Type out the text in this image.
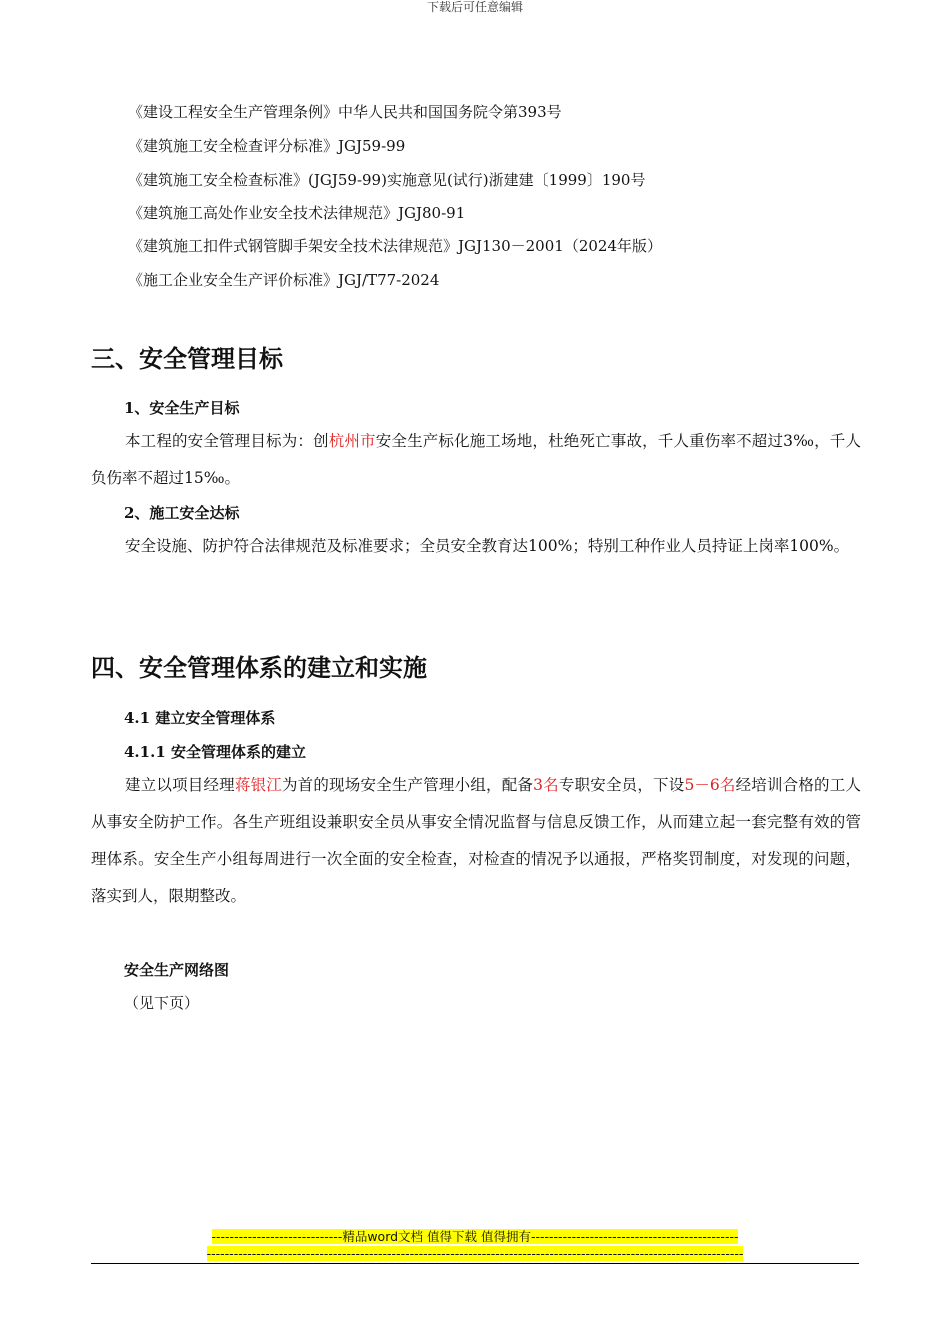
下载后可任意编辑
《建设工程安全生产管理条例》中华人民共和国国务院令第393号
《建筑施工安全检查评分标准》JGJ59-99
《建筑施工安全检查标准》(JGJ59-99)实施意见(试行)浙建建〔1999〕190号
《建筑施工高处作业安全技术法律规范》JGJ80-91
《建筑施工扣件式钢管脚手架安全技术法律规范》JGJ130－2001（2024年版）
《施工企业安全生产评价标准》JGJ/T77-2024
三、安全管理目标
1、安全生产目标
本工程的安全管理目标为：创杭州市安全生产标化施工场地，杜绝死亡事故，千人重伤率不超过3‰，千人负伤率不超过15‰。
2、施工安全达标
安全设施、防护符合法律规范及标准要求；全员安全教育达100%；特别工种作业人员持证上岗率100%。
四、安全管理体系的建立和实施
4.1 建立安全管理体系
4.1.1 安全管理体系的建立
建立以项目经理蒋银江为首的现场安全生产管理小组，配备3名专职安全员，下设5－6名经培训合格的工人从事安全防护工作。各生产班组设兼职安全员从事安全情况监督与信息反馈工作，从而建立起一套完整有效的管理体系。安全生产小组每周进行一次全面的安全检查，对检查的情况予以通报，严格奖罚制度，对发现的问题，落实到人，限期整改。
安全生产网络图
（见下页）
-----------------------------精品word文档 值得下载 值得拥有----------------------------------------------
-----------------------------------------------------------------------------------------------------------------------
